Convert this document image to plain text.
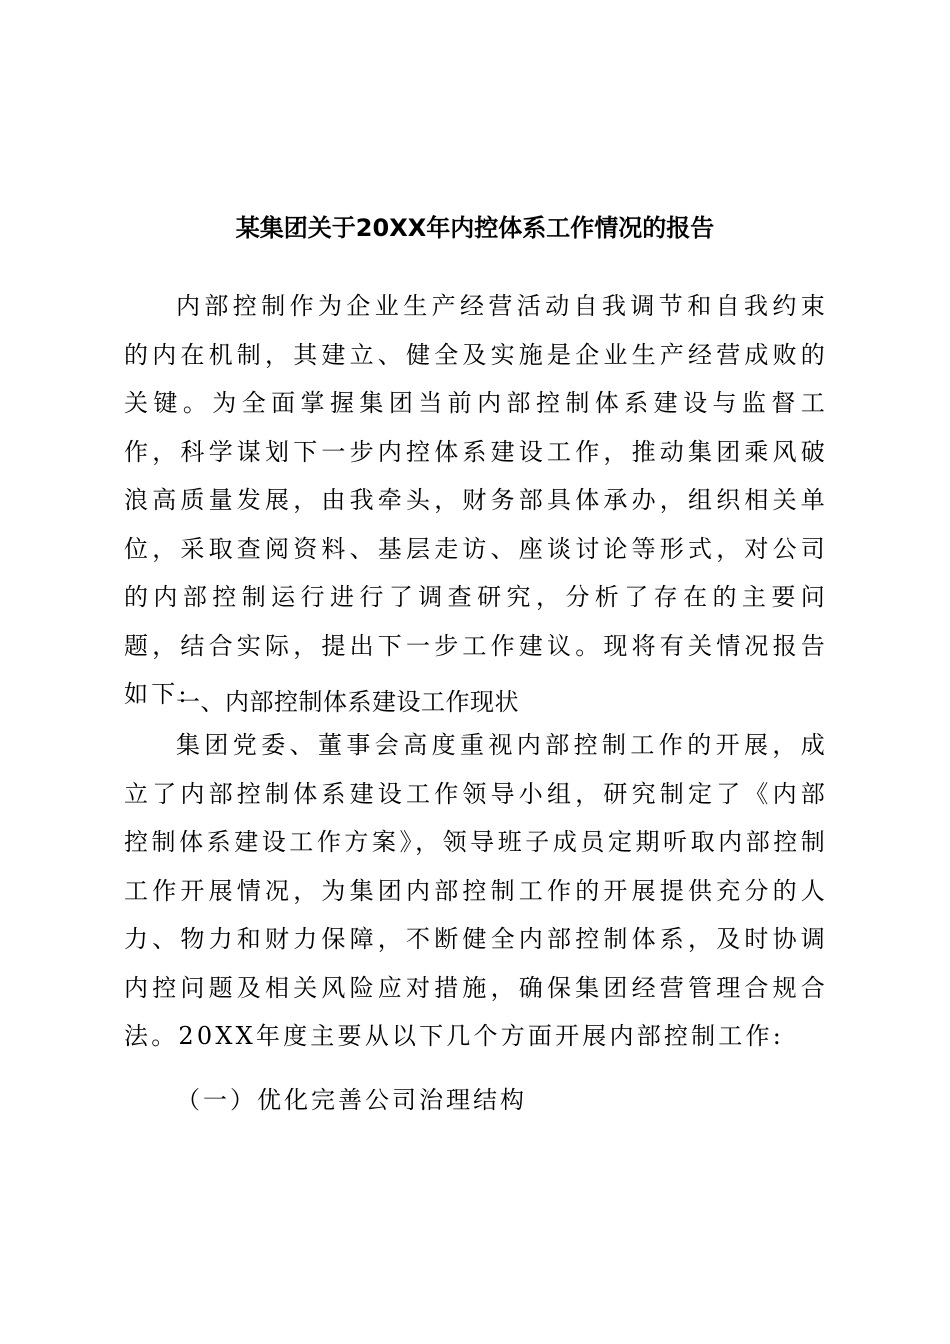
某集团关于20XX年内控体系工作情况的报告
内部控制作为企业生产经营活动自我调节和自我约束的内在机制，其建立、健全及实施是企业生产经营成败的关键。为全面掌握集团当前内部控制体系建设与监督工作，科学谋划下一步内控体系建设工作，推动集团乘风破浪高质量发展，由我牵头，财务部具体承办，组织相关单位，采取查阅资料、基层走访、座谈讨论等形式，对公司的内部控制运行进行了调查研究，分析了存在的主要问题，结合实际，提出下一步工作建议。现将有关情况报告如下:
一、内部控制体系建设工作现状
集团党委、董事会高度重视内部控制工作的开展，成立了内部控制体系建设工作领导小组，研究制定了《内部控制体系建设工作方案》，领导班子成员定期听取内部控制工作开展情况，为集团内部控制工作的开展提供充分的人力、物力和财力保障，不断健全内部控制体系，及时协调内控问题及相关风险应对措施，确保集团经营管理合规合法。20XX年度主要从以下几个方面开展内部控制工作:
（一）优化完善公司治理结构
